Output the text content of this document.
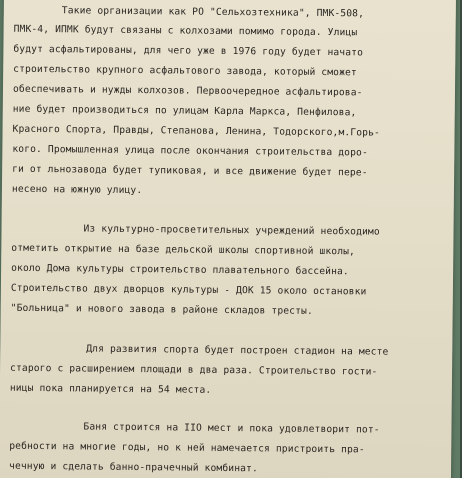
Такие организации как РО "Сельхозтехника", ПМК-508,
ПМК-4, ИПМК будут связаны с колхозами помимо города. Улицы
будут асфальтированы, для чего уже в 1976 году будет начато
строительство крупного асфальтового завода, который сможет
обеспечивать и нужды колхозов. Первоочередное асфальтирова-
ние будет производиться по улицам Карла Маркса, Пенфилова,
Красного Спорта, Правды, Степанова, Ленина, Тодорского,м.Горь-
кого. Промышленная улица после окончания строительства доро-
ги от льнозавода будет тупиковая, и все движение будет пере-
несено на южную улицу.
Из культурно-просветительных учреждений необходимо
отметить открытие на базе дельской школы спортивной школы,
около Дома культуры строительство плавательного бассейна.
Строительство двух дворцов культуры - ДОК 15 около остановки
"Больница" и нового завода в районе складов тресты.
Для развития спорта будет построен стадион на месте
старого с расширением площади в два раза. Строительство гости-
ницы пока планируется на 54 места.
Баня строится на IIO мест и пока удовлетворит пот-
ребности на многие годы, но к ней намечается пристроить пра-
чечную и сделать банно-прачечный комбинат.
